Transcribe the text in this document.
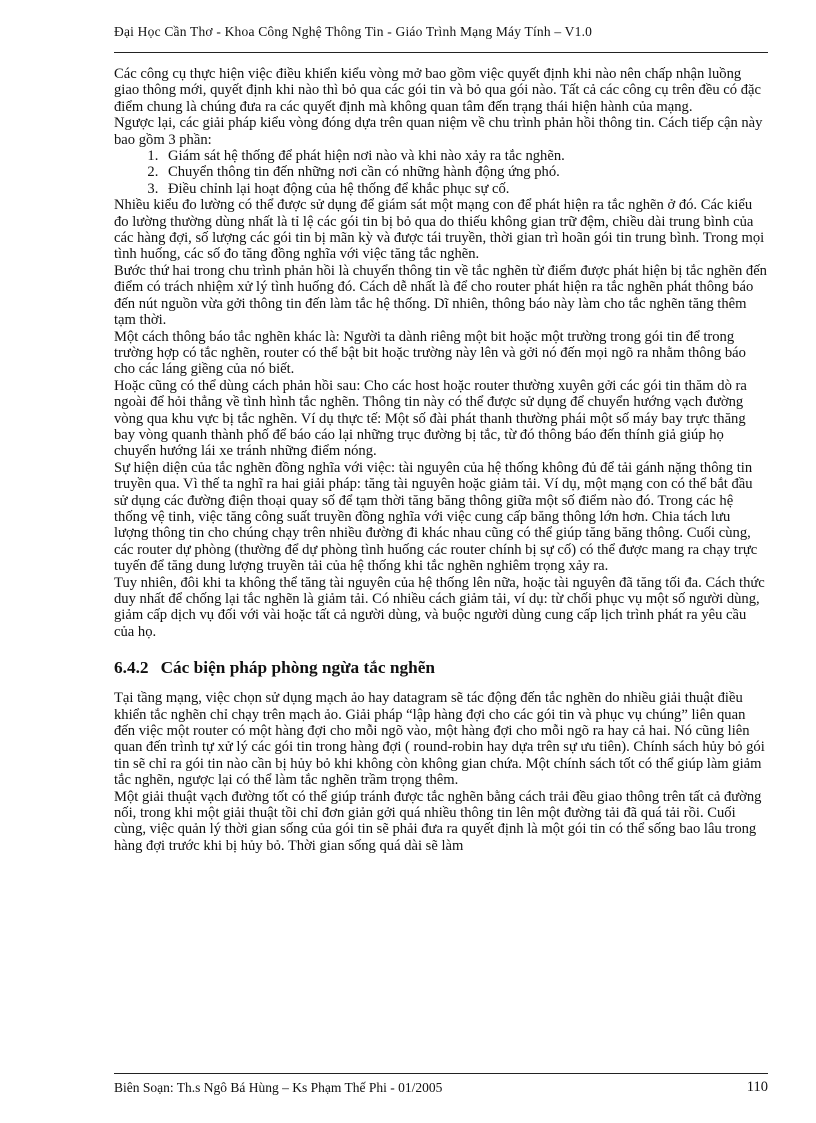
Đại Học Cần Thơ - Khoa Công Nghệ Thông Tin - Giáo Trình Mạng Máy Tính – V1.0

Các công cụ thực hiện việc điều khiển kiểu vòng mở bao gồm việc quyết định khi nào nên chấp nhận luồng giao thông mới, quyết định khi nào thì bỏ qua các gói tin và bỏ qua gói nào. Tất cả các công cụ trên đều có đặc điểm chung là chúng đưa ra các quyết định mà không quan tâm đến trạng thái hiện hành của mạng.

Ngược lại, các giải pháp kiểu vòng đóng dựa trên quan niệm về chu trình phản hồi thông tin. Cách tiếp cận này bao gồm 3 phần:

1. Giám sát hệ thống để phát hiện nơi nào và khi nào xảy ra tắc nghẽn.
2. Chuyển thông tin đến những nơi cần có những hành động ứng phó.
3. Điều chỉnh lại hoạt động của hệ thống để khắc phục sự cố.

Nhiều kiểu đo lường có thể được sử dụng để giám sát một mạng con để phát hiện ra tắc nghẽn ở đó. Các kiểu đo lường thường dùng nhất là tỉ lệ các gói tin bị bỏ qua do thiếu không gian trữ đệm, chiều dài trung bình của các hàng đợi, số lượng các gói tin bị mãn kỳ và được tái truyền, thời gian trì hoãn gói tin trung bình. Trong mọi tình huống, các số đo tăng đồng nghĩa với việc tăng tắc nghẽn.

Bước thứ hai trong chu trình phản hồi là chuyển thông tin về tắc nghẽn từ điểm được phát hiện bị tắc nghẽn đến điểm có trách nhiệm xử lý tình huống đó. Cách dễ nhất là để cho router phát hiện ra tắc nghẽn phát thông báo đến nút nguồn vừa gởi thông tin đến làm tắc hệ thống. Dĩ nhiên, thông báo này làm cho tắc nghẽn tăng thêm tạm thời.

Một cách thông báo tắc nghẽn khác là: Người ta dành riêng một bit hoặc một trường trong gói tin để trong trường hợp có tắc nghẽn, router có thể bật bit hoặc trường này lên và gởi nó đến mọi ngõ ra nhằm thông báo cho các láng giềng của nó biết.

Hoặc cũng có thể dùng cách phản hồi sau: Cho các host hoặc router thường xuyên gởi các gói tin thăm dò ra ngoài để hỏi thẳng về tình hình tắc nghẽn. Thông tin này có thể được sử dụng để chuyển hướng vạch đường vòng qua khu vực bị tắc nghẽn. Ví dụ thực tế: Một số đài phát thanh thường phái một số máy bay trực thăng bay vòng quanh thành phố để báo cáo lại những trục đường bị tắc, từ đó thông báo đến thính giả giúp họ chuyển hướng lái xe tránh những điểm nóng.

Sự hiện diện của tắc nghẽn đồng nghĩa với việc: tài nguyên của hệ thống không đủ để tải gánh nặng thông tin truyền qua. Vì thế ta nghĩ ra hai giải pháp: tăng tài nguyên hoặc giảm tải. Ví dụ, một mạng con có thể bắt đầu sử dụng các đường điện thoại quay số để tạm thời tăng băng thông giữa một số điểm nào đó. Trong các hệ thống vệ tinh, việc tăng công suất truyền đồng nghĩa với việc cung cấp băng thông lớn hơn. Chia tách lưu lượng thông tin cho chúng chạy trên nhiều đường đi khác nhau cũng có thể giúp tăng băng thông. Cuối cùng, các router dự phòng (thường để dự phòng tình huống các router chính bị sự cố) có thể được mang ra chạy trực tuyến để tăng dung lượng truyền tải của hệ thống khi tắc nghẽn nghiêm trọng xảy ra.

Tuy nhiên, đôi khi ta không thể tăng tài nguyên của hệ thống lên nữa, hoặc tài nguyên đã tăng tối đa. Cách thức duy nhất để chống lại tắc nghẽn là giảm tải. Có nhiều cách giảm tải, ví dụ: từ chối phục vụ một số người dùng, giảm cấp dịch vụ đối với vài hoặc tất cả người dùng, và buộc người dùng cung cấp lịch trình phát ra yêu cầu của họ.

6.4.2 Các biện pháp phòng ngừa tắc nghẽn

Tại tầng mạng, việc chọn sử dụng mạch ảo hay datagram sẽ tác động đến tắc nghẽn do nhiều giải thuật điều khiển tắc nghẽn chỉ chạy trên mạch ảo. Giải pháp “lập hàng đợi cho các gói tin và phục vụ chúng” liên quan đến việc một router có một hàng đợi cho mỗi ngõ vào, một hàng đợi cho mỗi ngõ ra hay cả hai. Nó cũng liên quan đến trình tự xử lý các gói tin trong hàng đợi ( round-robin hay dựa trên sự ưu tiên). Chính sách hủy bỏ gói tin sẽ chỉ ra gói tin nào cần bị hủy bỏ khi không còn không gian chứa. Một chính sách tốt có thể giúp làm giảm tắc nghẽn, ngược lại có thể làm tắc nghẽn trầm trọng thêm.

Một giải thuật vạch đường tốt có thể giúp tránh được tắc nghẽn bằng cách trải đều giao thông trên tất cả đường nối, trong khi một giải thuật tồi chỉ đơn giản gởi quá nhiều thông tin lên một đường tải đã quá tải rồi. Cuối cùng, việc quản lý thời gian sống của gói tin sẽ phải đưa ra quyết định là một gói tin có thể sống bao lâu trong hàng đợi trước khi bị hủy bỏ. Thời gian sống quá dài sẽ làm

Biên Soạn: Th.s Ngô Bá Hùng – Ks Phạm Thế Phi - 01/2005	110
